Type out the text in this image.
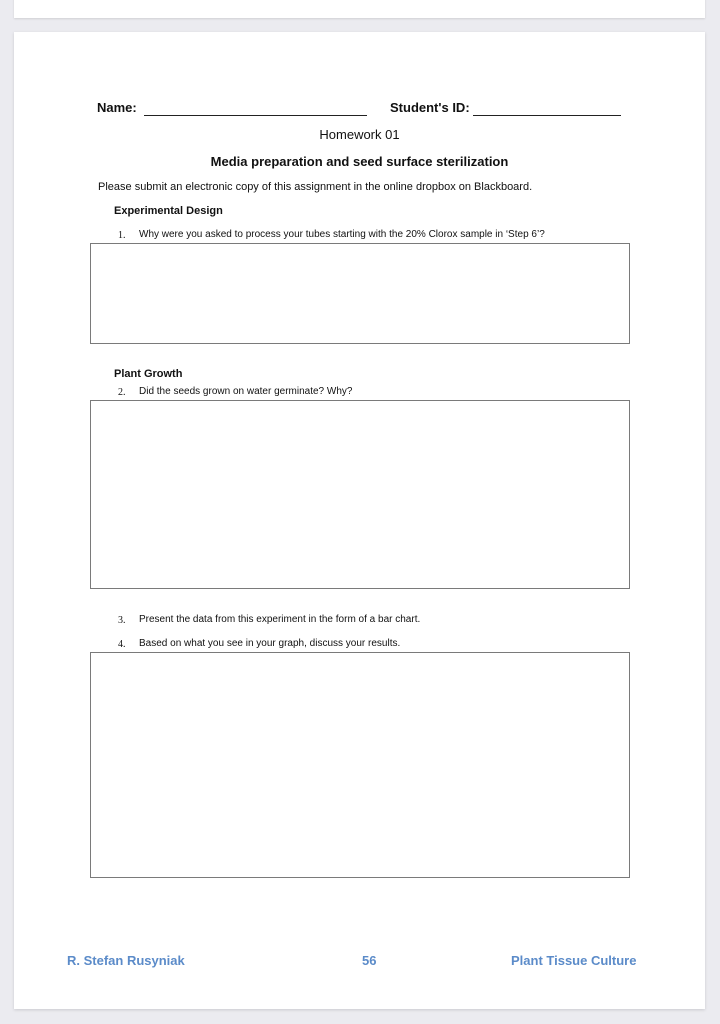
Name:	Student's ID:
Homework 01
Media preparation and seed surface sterilization
Please submit an electronic copy of this assignment in the online dropbox on Blackboard.
Experimental Design
1. Why were you asked to process your tubes starting with the 20% Clorox sample in ‘Step 6’?
Plant Growth
2. Did the seeds grown on water germinate? Why?
3. Present the data from this experiment in the form of a bar chart.
4. Based on what you see in your graph, discuss your results.
R. Stefan Rusyniak	56	Plant Tissue Culture
